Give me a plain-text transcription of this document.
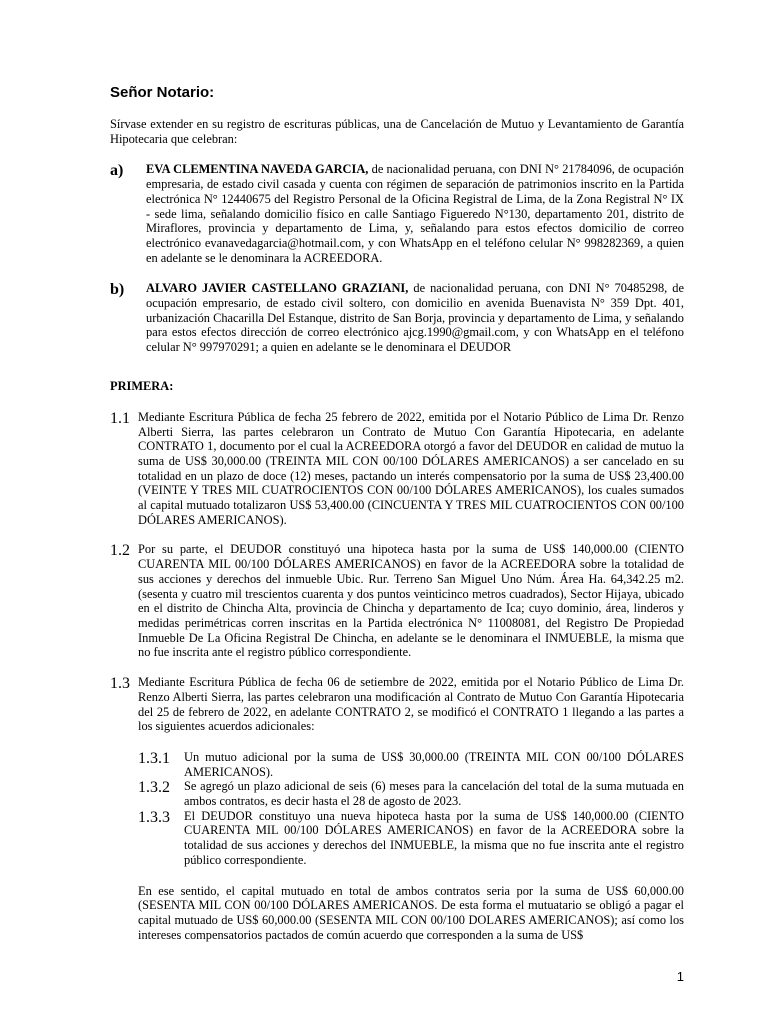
Señor Notario:

Sírvase extender en su registro de escrituras públicas, una de Cancelación de Mutuo y Levantamiento de Garantía Hipotecaria que celebran:

a)	EVA CLEMENTINA NAVEDA GARCIA, de nacionalidad peruana, con DNI N° 21784096, de ocupación empresaria, de estado civil casada y cuenta con régimen de separación de patrimonios inscrito en la Partida electrónica N° 12440675 del Registro Personal de la Oficina Registral de Lima, de la Zona Registral N° IX - sede lima, señalando domicilio físico en calle Santiago Figueredo N°130, departamento 201, distrito de Miraflores, provincia y departamento de Lima, y, señalando para estos efectos domicilio de correo electrónico evanavedagarcia@hotmail.com, y con WhatsApp en el teléfono celular N° 998282369, a quien en adelante se le denominara la ACREEDORA.

b)	ALVARO JAVIER CASTELLANO GRAZIANI, de nacionalidad peruana, con DNI N° 70485298, de ocupación empresario, de estado civil soltero, con domicilio en avenida Buenavista N° 359 Dpt. 401, urbanización Chacarilla Del Estanque, distrito de San Borja, provincia y departamento de Lima, y señalando para estos efectos dirección de correo electrónico ajcg.1990@gmail.com, y con WhatsApp en el teléfono celular N° 997970291; a quien en adelante se le denominara el DEUDOR

PRIMERA:
1.1 Mediante Escritura Pública de fecha 25 febrero de 2022, emitida por el Notario Público de Lima Dr. Renzo Alberti Sierra, las partes celebraron un Contrato de Mutuo Con Garantía Hipotecaria, en adelante CONTRATO 1, documento por el cual la ACREEDORA otorgó a favor del DEUDOR en calidad de mutuo la suma de US$ 30,000.00 (TREINTA MIL CON 00/100 DÓLARES AMERICANOS) a ser cancelado en su totalidad en un plazo de doce (12) meses, pactando un interés compensatorio por la suma de US$ 23,400.00 (VEINTE Y TRES MIL CUATROCIENTOS CON 00/100 DÓLARES AMERICANOS), los cuales sumados al capital mutuado totalizaron US$ 53,400.00 (CINCUENTA Y TRES MIL CUATROCIENTOS CON 00/100 DÓLARES AMERICANOS).

1.2 Por su parte, el DEUDOR constituyó una hipoteca hasta por la suma de US$ 140,000.00 (CIENTO CUARENTA MIL 00/100 DÓLARES AMERICANOS) en favor de la ACREEDORA sobre la totalidad de sus acciones y derechos del inmueble Ubic. Rur. Terreno San Miguel Uno Núm. Área Ha. 64,342.25 m2. (sesenta y cuatro mil trescientos cuarenta y dos puntos veinticinco metros cuadrados), Sector Hijaya, ubicado en el distrito de Chincha Alta, provincia de Chincha y departamento de Ica; cuyo dominio, área, linderos y medidas perimétricas corren inscritas en la Partida electrónica N° 11008081, del Registro De Propiedad Inmueble De La Oficina Registral De Chincha, en adelante se le denominara el INMUEBLE, la misma que no fue inscrita ante el registro público correspondiente.

1.3 Mediante Escritura Pública de fecha 06 de setiembre de 2022, emitida por el Notario Público de Lima Dr. Renzo Alberti Sierra, las partes celebraron una modificación al Contrato de Mutuo Con Garantía Hipotecaria del 25 de febrero de 2022, en adelante CONTRATO 2, se modificó el CONTRATO 1 llegando a las partes a los siguientes acuerdos adicionales:

1.3.1	Un mutuo adicional por la suma de US$ 30,000.00 (TREINTA MIL CON 00/100 DÓLARES AMERICANOS).

1.3.2	Se agregó un plazo adicional de seis (6) meses para la cancelación del total de la suma mutuada en ambos contratos, es decir hasta el 28 de agosto de 2023.

1.3.3	El DEUDOR constituyo una nueva hipoteca hasta por la suma de US$ 140,000.00 (CIENTO CUARENTA MIL 00/100 DÓLARES AMERICANOS) en favor de la ACREEDORA sobre la totalidad de sus acciones y derechos del INMUEBLE, la misma que no fue inscrita ante el registro público correspondiente.

En ese sentido, el capital mutuado en total de ambos contratos seria por la suma de US$ 60,000.00 (SESENTA MIL CON 00/100 DÓLARES AMERICANOS. De esta forma el mutuatario se obligó a pagar el capital mutuado de US$ 60,000.00 (SESENTA MIL CON 00/100 DOLARES AMERICANOS); así como los intereses compensatorios pactados de común acuerdo que corresponden a la suma de US$

1
